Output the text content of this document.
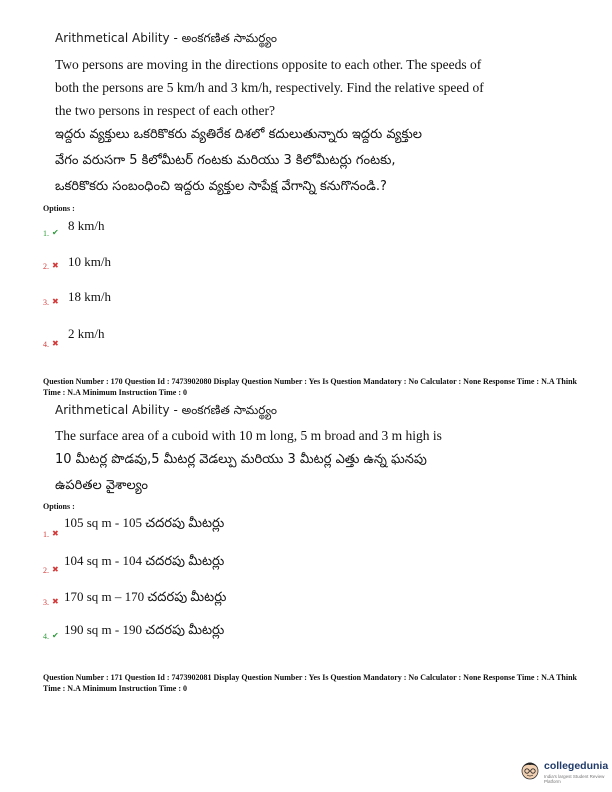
Arithmetical Ability - అంకగణిత సామర్థ్యం
Two persons are moving in the directions opposite to each other. The speeds of
both the persons are 5 km/h and 3 km/h, respectively. Find the relative speed of
the two persons in respect of each other?
ఇద్దరు వ్యక్తులు ఒకరికొకరు వ్యతిరేక దిశలో కదులుతున్నారు ఇద్దరు వ్యక్తుల
వేగం వరుసగా 5 కిలోమీటర్ గంటకు మరియు 3 కిలోమీటర్లు గంటకు,
ఒకరికొకరు సంబంధించి ఇద్దరు వ్యక్తుల సాపేక్ష వేగాన్ని కనుగొనండి.?
Options :
1. ✔ 8 km/h
2. ✖ 10 km/h
3. ✖ 18 km/h
4. ✖
2 km/h
Question Number : 170 Question Id : 7473902080 Display Question Number : Yes Is Question Mandatory : No Calculator : None Response Time : N.A Think Time : N.A Minimum Instruction Time : 0
Arithmetical Ability - అంకగణిత సామర్థ్యం
The surface area of a cuboid with 10 m long, 5 m broad and 3 m high is
10 మీటర్ల పొడవు,5 మీటర్ల వెడల్పు మరియు 3 మీటర్ల ఎత్తు ఉన్న ఘనపు
ఉపరితల వైశాల్యం
Options :
1. ✖
105 sq m - 105 చదరపు మీటర్లు
2. ✖
104 sq m - 104 చదరపు మీటర్లు
3. ✖ 170 sq m – 170 చదరపు మీటర్లు
4. ✔ 190 sq m - 190 చదరపు మీటర్లు
Question Number : 171 Question Id : 7473902081 Display Question Number : Yes Is Question Mandatory : No Calculator : None Response Time : N.A Think Time : N.A Minimum Instruction Time : 0
collegedunia
India's largest Student Review Platform
